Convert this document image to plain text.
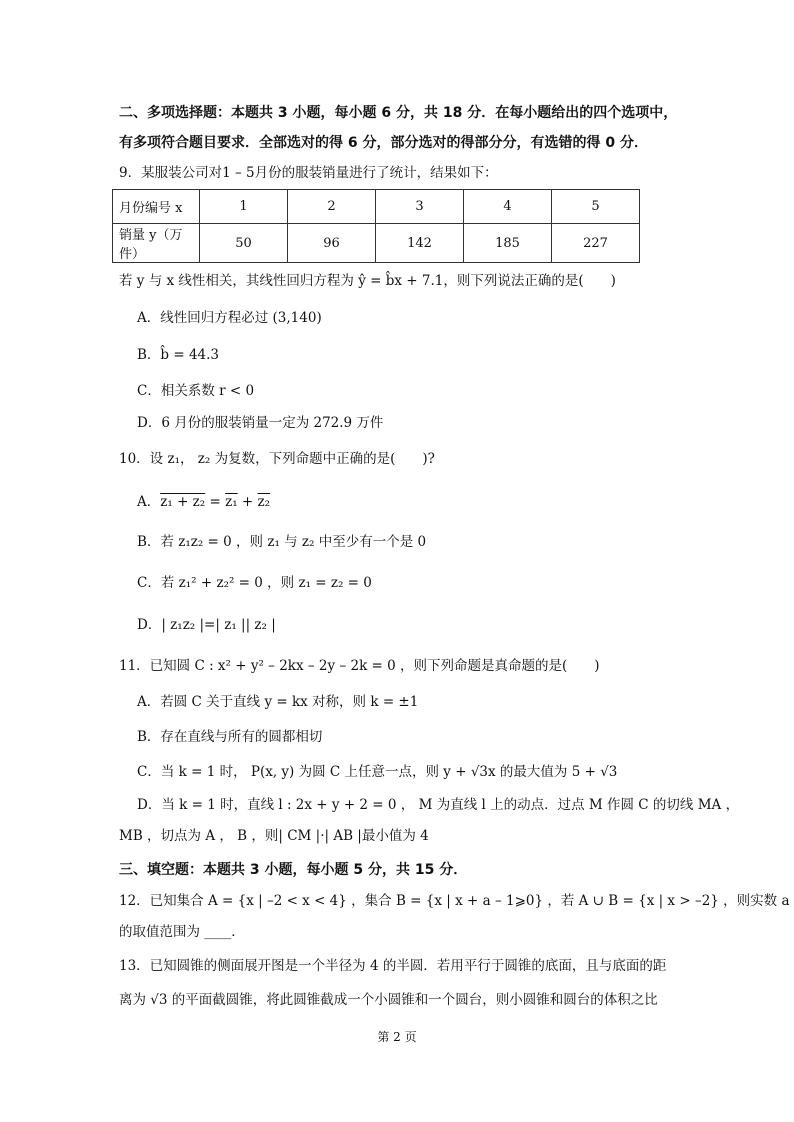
二、多项选择题：本题共 3 小题，每小题 6 分，共 18 分．在每小题给出的四个选项中，
有多项符合题目要求．全部选对的得 6 分，部分选对的得部分分，有选错的得 0 分．
9．某服装公司对1 – 5月份的服装销量进行了统计，结果如下：
月份编号 x	1	2	3	4	5
销量 y（万件）	50	96	142	185	227
若 y 与 x 线性相关，其线性回归方程为 ŷ = b̂x + 7.1，则下列说法正确的是(　　)
A．线性回归方程必过 (3,140)
B．b̂ = 44.3
C．相关系数 r < 0
D．6 月份的服装销量一定为 272.9 万件
10．设 z₁， z₂ 为复数，下列命题中正确的是(　　)?
A．z₁ + z₂ = z₁ + z₂
B．若 z₁z₂ = 0 ，则 z₁ 与 z₂ 中至少有一个是 0
C．若 z₁² + z₂² = 0 ，则 z₁ = z₂ = 0
D．| z₁z₂ |=| z₁ || z₂ |
11．已知圆 C : x² + y² – 2kx – 2y – 2k = 0 ，则下列命题是真命题的是(　　)
A．若圆 C 关于直线 y = kx 对称，则 k = ±1
B．存在直线与所有的圆都相切
C．当 k = 1 时， P(x, y) 为圆 C 上任意一点，则 y + √3x 的最大值为 5 + √3
D．当 k = 1 时，直线 l : 2x + y + 2 = 0 ， M 为直线 l 上的动点．过点 M 作圆 C 的切线 MA ，
MB ，切点为 A ， B ，则| CM |·| AB |最小值为 4
三、填空题：本题共 3 小题，每小题 5 分，共 15 分．
12．已知集合 A = {x | –2 < x < 4} ，集合 B = {x | x + a – 1⩾0} ，若 A ∪ B = {x | x > –2} ，则实数 a
的取值范围为 ____．
13．已知圆锥的侧面展开图是一个半径为 4 的半圆．若用平行于圆锥的底面，且与底面的距
离为 √3 的平面截圆锥，将此圆锥截成一个小圆锥和一个圆台，则小圆锥和圆台的体积之比
第 2 页
